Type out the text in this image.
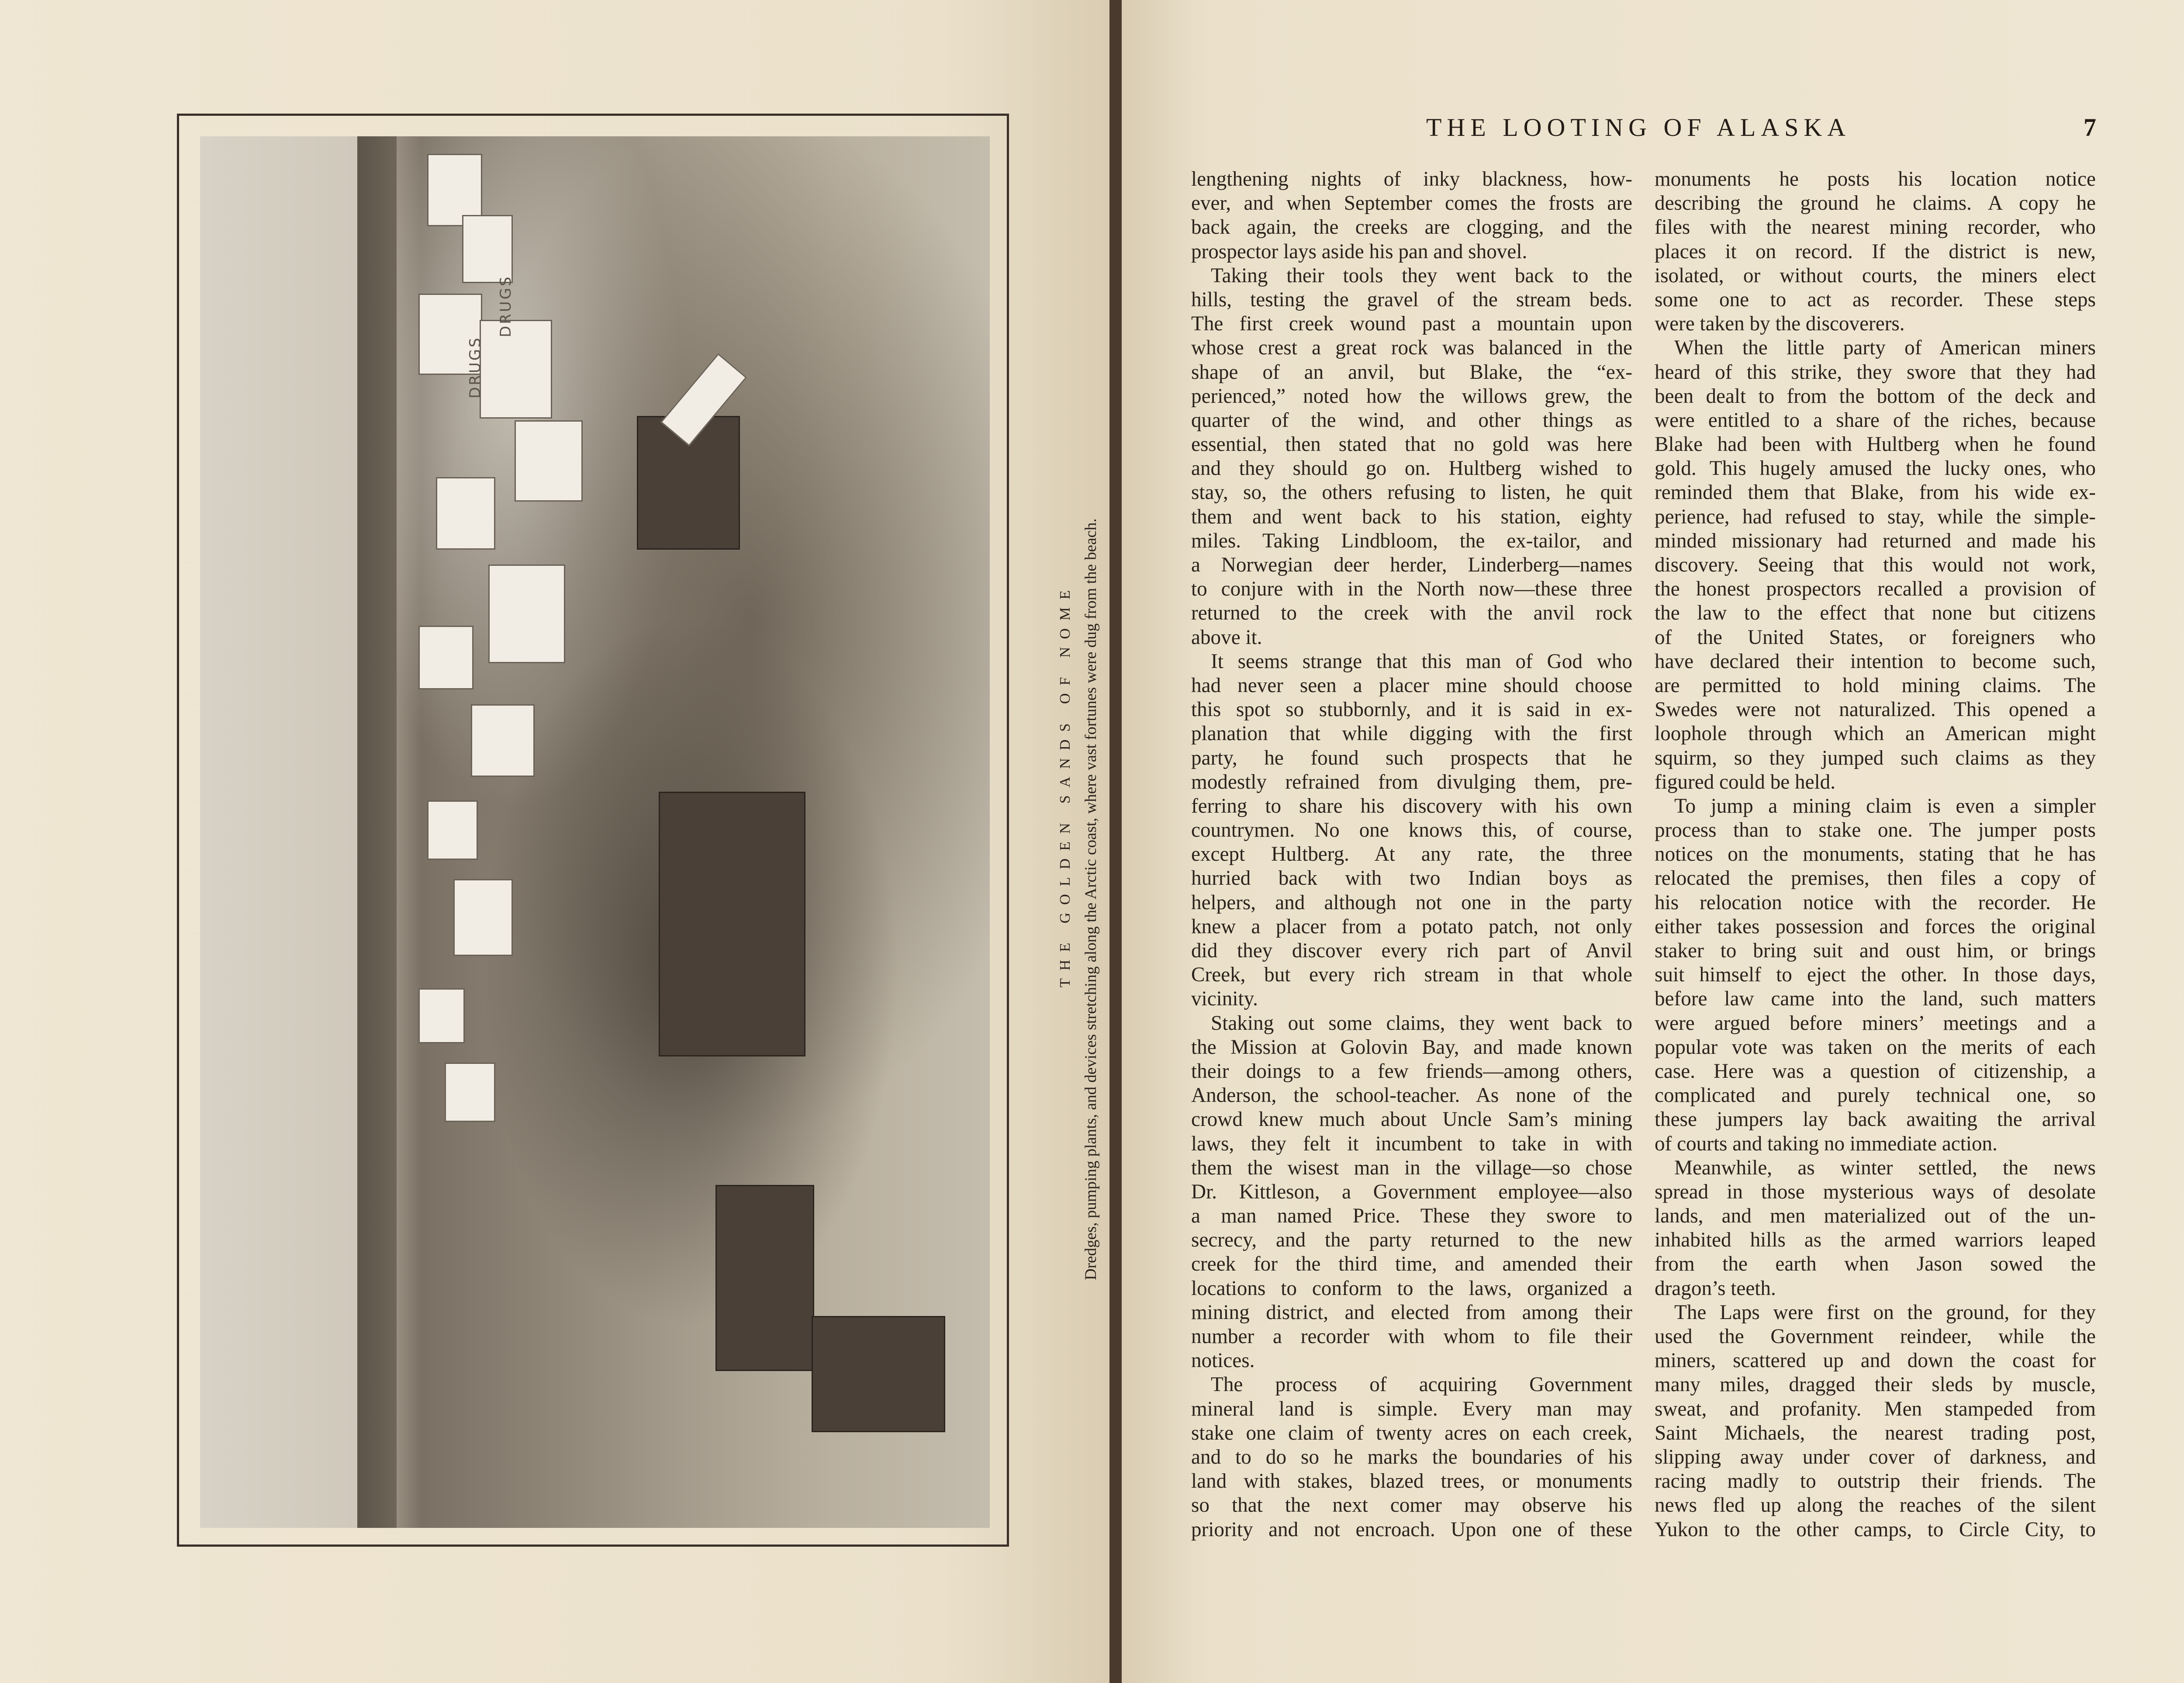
DRUGS
DRUGS
THE GOLDEN SANDS OF NOME Dredges, pumping plants, and devices stretching along the Arctic coast, where vast fortunes were dug from the beach.
THE LOOTING OF ALASKA	7
lengthening nights of inky blackness, how-
ever, and when September comes the frosts are
back again, the creeks are clogging, and the
prospector lays aside his pan and shovel.
Taking their tools they went back to the
hills, testing the gravel of the stream beds.
The first creek wound past a mountain upon
whose crest a great rock was balanced in the
shape of an anvil, but Blake, the “ex-
perienced,” noted how the willows grew, the
quarter of the wind, and other things as
essential, then stated that no gold was here
and they should go on. Hultberg wished to
stay, so, the others refusing to listen, he quit
them and went back to his station, eighty
miles. Taking Lindbloom, the ex-tailor, and
a Norwegian deer herder, Linderberg—names
to conjure with in the North now—these three
returned to the creek with the anvil rock
above it.
It seems strange that this man of God who
had never seen a placer mine should choose
this spot so stubbornly, and it is said in ex-
planation that while digging with the first
party, he found such prospects that he
modestly refrained from divulging them, pre-
ferring to share his discovery with his own
countrymen. No one knows this, of course,
except Hultberg. At any rate, the three
hurried back with two Indian boys as
helpers, and although not one in the party
knew a placer from a potato patch, not only
did they discover every rich part of Anvil
Creek, but every rich stream in that whole
vicinity.
Staking out some claims, they went back to
the Mission at Golovin Bay, and made known
their doings to a few friends—among others,
Anderson, the school-teacher. As none of the
crowd knew much about Uncle Sam’s mining
laws, they felt it incumbent to take in with
them the wisest man in the village—so chose
Dr. Kittleson, a Government employee—also
a man named Price. These they swore to
secrecy, and the party returned to the new
creek for the third time, and amended their
locations to conform to the laws, organized a
mining district, and elected from among their
number a recorder with whom to file their
notices.
The process of acquiring Government
mineral land is simple. Every man may
stake one claim of twenty acres on each creek,
and to do so he marks the boundaries of his
land with stakes, blazed trees, or monuments
so that the next comer may observe his
priority and not encroach. Upon one of these
monuments he posts his location notice
describing the ground he claims. A copy he
files with the nearest mining recorder, who
places it on record. If the district is new,
isolated, or without courts, the miners elect
some one to act as recorder. These steps
were taken by the discoverers.
When the little party of American miners
heard of this strike, they swore that they had
been dealt to from the bottom of the deck and
were entitled to a share of the riches, because
Blake had been with Hultberg when he found
gold. This hugely amused the lucky ones, who
reminded them that Blake, from his wide ex-
perience, had refused to stay, while the simple-
minded missionary had returned and made his
discovery. Seeing that this would not work,
the honest prospectors recalled a provision of
the law to the effect that none but citizens
of the United States, or foreigners who
have declared their intention to become such,
are permitted to hold mining claims. The
Swedes were not naturalized. This opened a
loophole through which an American might
squirm, so they jumped such claims as they
figured could be held.
To jump a mining claim is even a simpler
process than to stake one. The jumper posts
notices on the monuments, stating that he has
relocated the premises, then files a copy of
his relocation notice with the recorder. He
either takes possession and forces the original
staker to bring suit and oust him, or brings
suit himself to eject the other. In those days,
before law came into the land, such matters
were argued before miners’ meetings and a
popular vote was taken on the merits of each
case. Here was a question of citizenship, a
complicated and purely technical one, so
these jumpers lay back awaiting the arrival
of courts and taking no immediate action.
Meanwhile, as winter settled, the news
spread in those mysterious ways of desolate
lands, and men materialized out of the un-
inhabited hills as the armed warriors leaped
from the earth when Jason sowed the
dragon’s teeth.
The Laps were first on the ground, for they
used the Government reindeer, while the
miners, scattered up and down the coast for
many miles, dragged their sleds by muscle,
sweat, and profanity. Men stampeded from
Saint Michaels, the nearest trading post,
slipping away under cover of darkness, and
racing madly to outstrip their friends. The
news fled up along the reaches of the silent
Yukon to the other camps, to Circle City, to
